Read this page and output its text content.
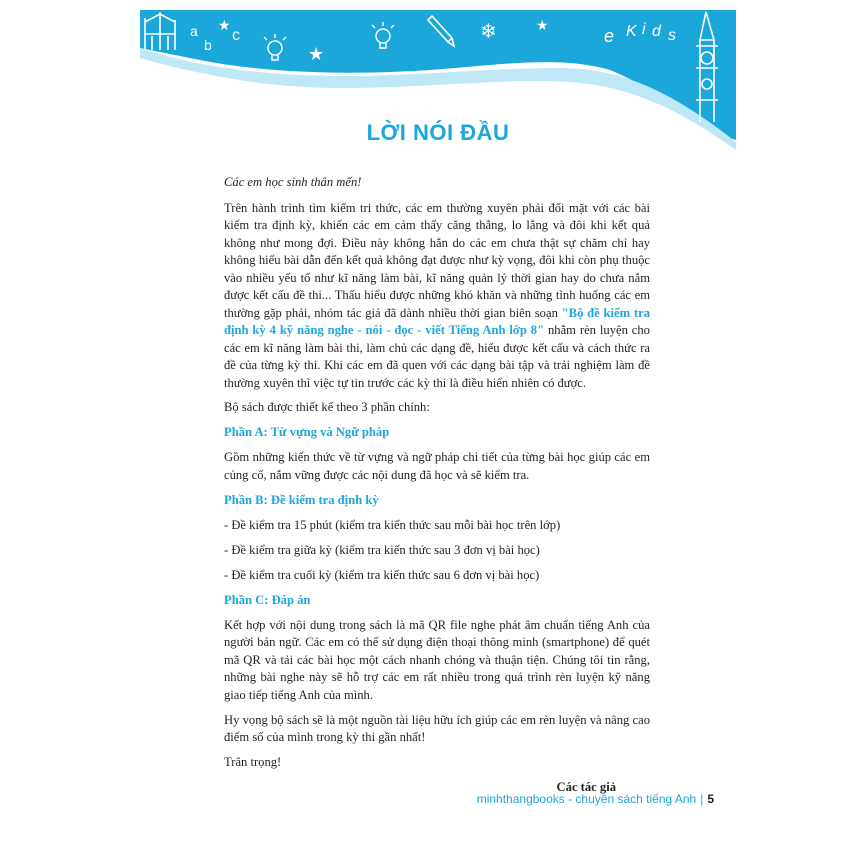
a
b
c
★
★
❄	★	e K i d s
LỜI NÓI ĐẦU

Các em học sinh thân mến!

Trên hành trình tìm kiếm tri thức, các em thường xuyên phải đối mặt với các bài kiểm tra định kỳ, khiến các em cảm thấy căng thẳng, lo lắng và đôi khi kết quả không như mong đợi. Điều này không hẳn do các em chưa thật sự chăm chỉ hay không hiểu bài dẫn đến kết quả không đạt được như kỳ vọng, đôi khi còn phụ thuộc vào nhiều yếu tố như kĩ năng làm bài, kĩ năng quản lý thời gian hay do chưa nắm được kết cấu đề thi... Thấu hiểu được những khó khăn và những tình huống các em thường gặp phải, nhóm tác giả đã dành nhiều thời gian biên soạn "Bộ đề kiểm tra định kỳ 4 kỹ năng nghe - nói - đọc - viết Tiếng Anh lớp 8" nhằm rèn luyện cho các em kĩ năng làm bài thi, làm chủ các dạng đề, hiểu được kết cấu và cách thức ra đề của từng kỳ thi. Khi các em đã quen với các dạng bài tập và trải nghiệm làm đề thường xuyên thì việc tự tin trước các kỳ thi là điều hiển nhiên có được.

Bộ sách được thiết kế theo 3 phần chính:

Phần A: Từ vựng và Ngữ pháp

Gồm những kiến thức về từ vựng và ngữ pháp chi tiết của từng bài học giúp các em củng cố, nắm vững được các nội dung đã học và sẽ kiểm tra.

Phần B: Đề kiểm tra định kỳ

- Đề kiểm tra 15 phút (kiểm tra kiến thức sau mỗi bài học trên lớp)

- Đề kiểm tra giữa kỳ (kiểm tra kiến thức sau 3 đơn vị bài học)

- Đề kiểm tra cuối kỳ (kiểm tra kiến thức sau 6 đơn vị bài học)

Phần C: Đáp án

Kết hợp với nội dung trong sách là mã QR file nghe phát âm chuẩn tiếng Anh của người bản ngữ. Các em có thể sử dụng điện thoại thông minh (smartphone) để quét mã QR và tải các bài học một cách nhanh chóng và thuận tiện. Chúng tôi tin rằng, những bài nghe này sẽ hỗ trợ các em rất nhiều trong quá trình rèn luyện kỹ năng giao tiếp tiếng Anh của mình.

Hy vọng bộ sách sẽ là một nguồn tài liệu hữu ích giúp các em rèn luyện và nâng cao điểm số của mình trong kỳ thi gần nhất!

Trân trọng!

Các tác giả

minhthangbooks - chuyên sách tiếng Anh | 5
